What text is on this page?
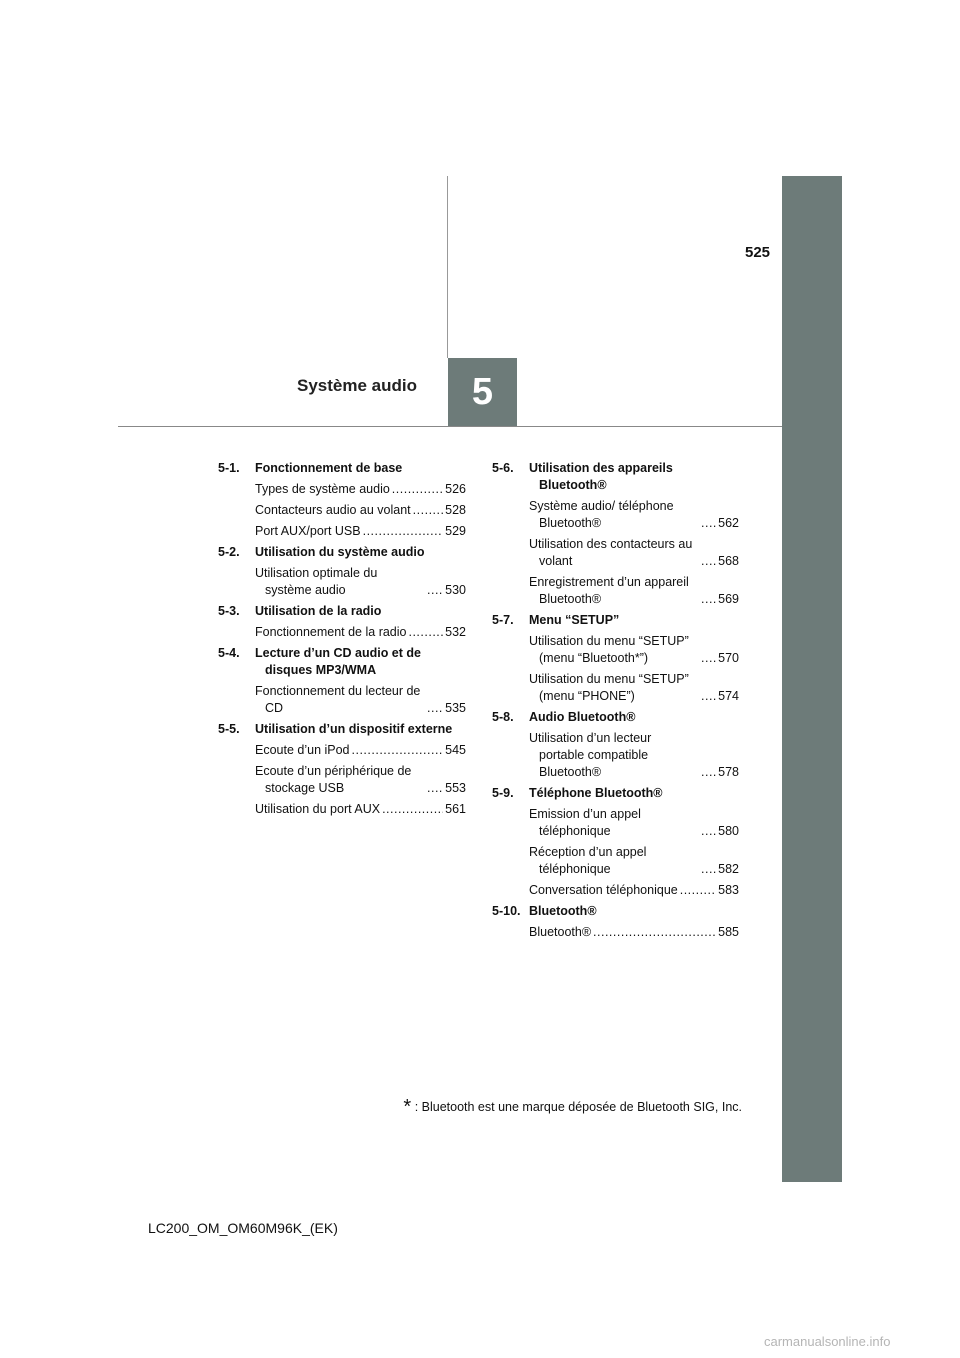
525
Système audio	5
5-1.	Fonctionnement de base
Types de système audio .....	526
Contacteurs audio au volant .....	528
Port AUX/port USB .....	529
5-2.	Utilisation du système audio
Utilisation optimale du système audio .....	530
5-3.	Utilisation de la radio
Fonctionnement de la radio .....	532
5-4.	Lecture d’un CD audio et de disques MP3/WMA
Fonctionnement du lecteur de CD .....	535
5-5.	Utilisation d’un dispositif externe
Ecoute d’un iPod .....	545
Ecoute d’un périphérique de stockage USB .....	553
Utilisation du port AUX .....	561
5-6.	Utilisation des appareils Bluetooth®
Système audio/ téléphone Bluetooth® .....	562
Utilisation des contacteurs au volant .....	568
Enregistrement d’un appareil Bluetooth® .....	569
5-7.	Menu “SETUP”
Utilisation du menu “SETUP” (menu “Bluetooth*”) .....	570
Utilisation du menu “SETUP” (menu “PHONE”) .....	574
5-8.	Audio Bluetooth®
Utilisation d’un lecteur portable compatible Bluetooth® .....	578
5-9.	Téléphone Bluetooth®
Emission d’un appel téléphonique .....	580
Réception d’un appel téléphonique .....	582
Conversation téléphonique .....	583
5-10. Bluetooth®
Bluetooth® .....	585
* : Bluetooth est une marque déposée de Bluetooth SIG, Inc.
LC200_OM_OM60M96K_(EK)
carmanualsonline.info
